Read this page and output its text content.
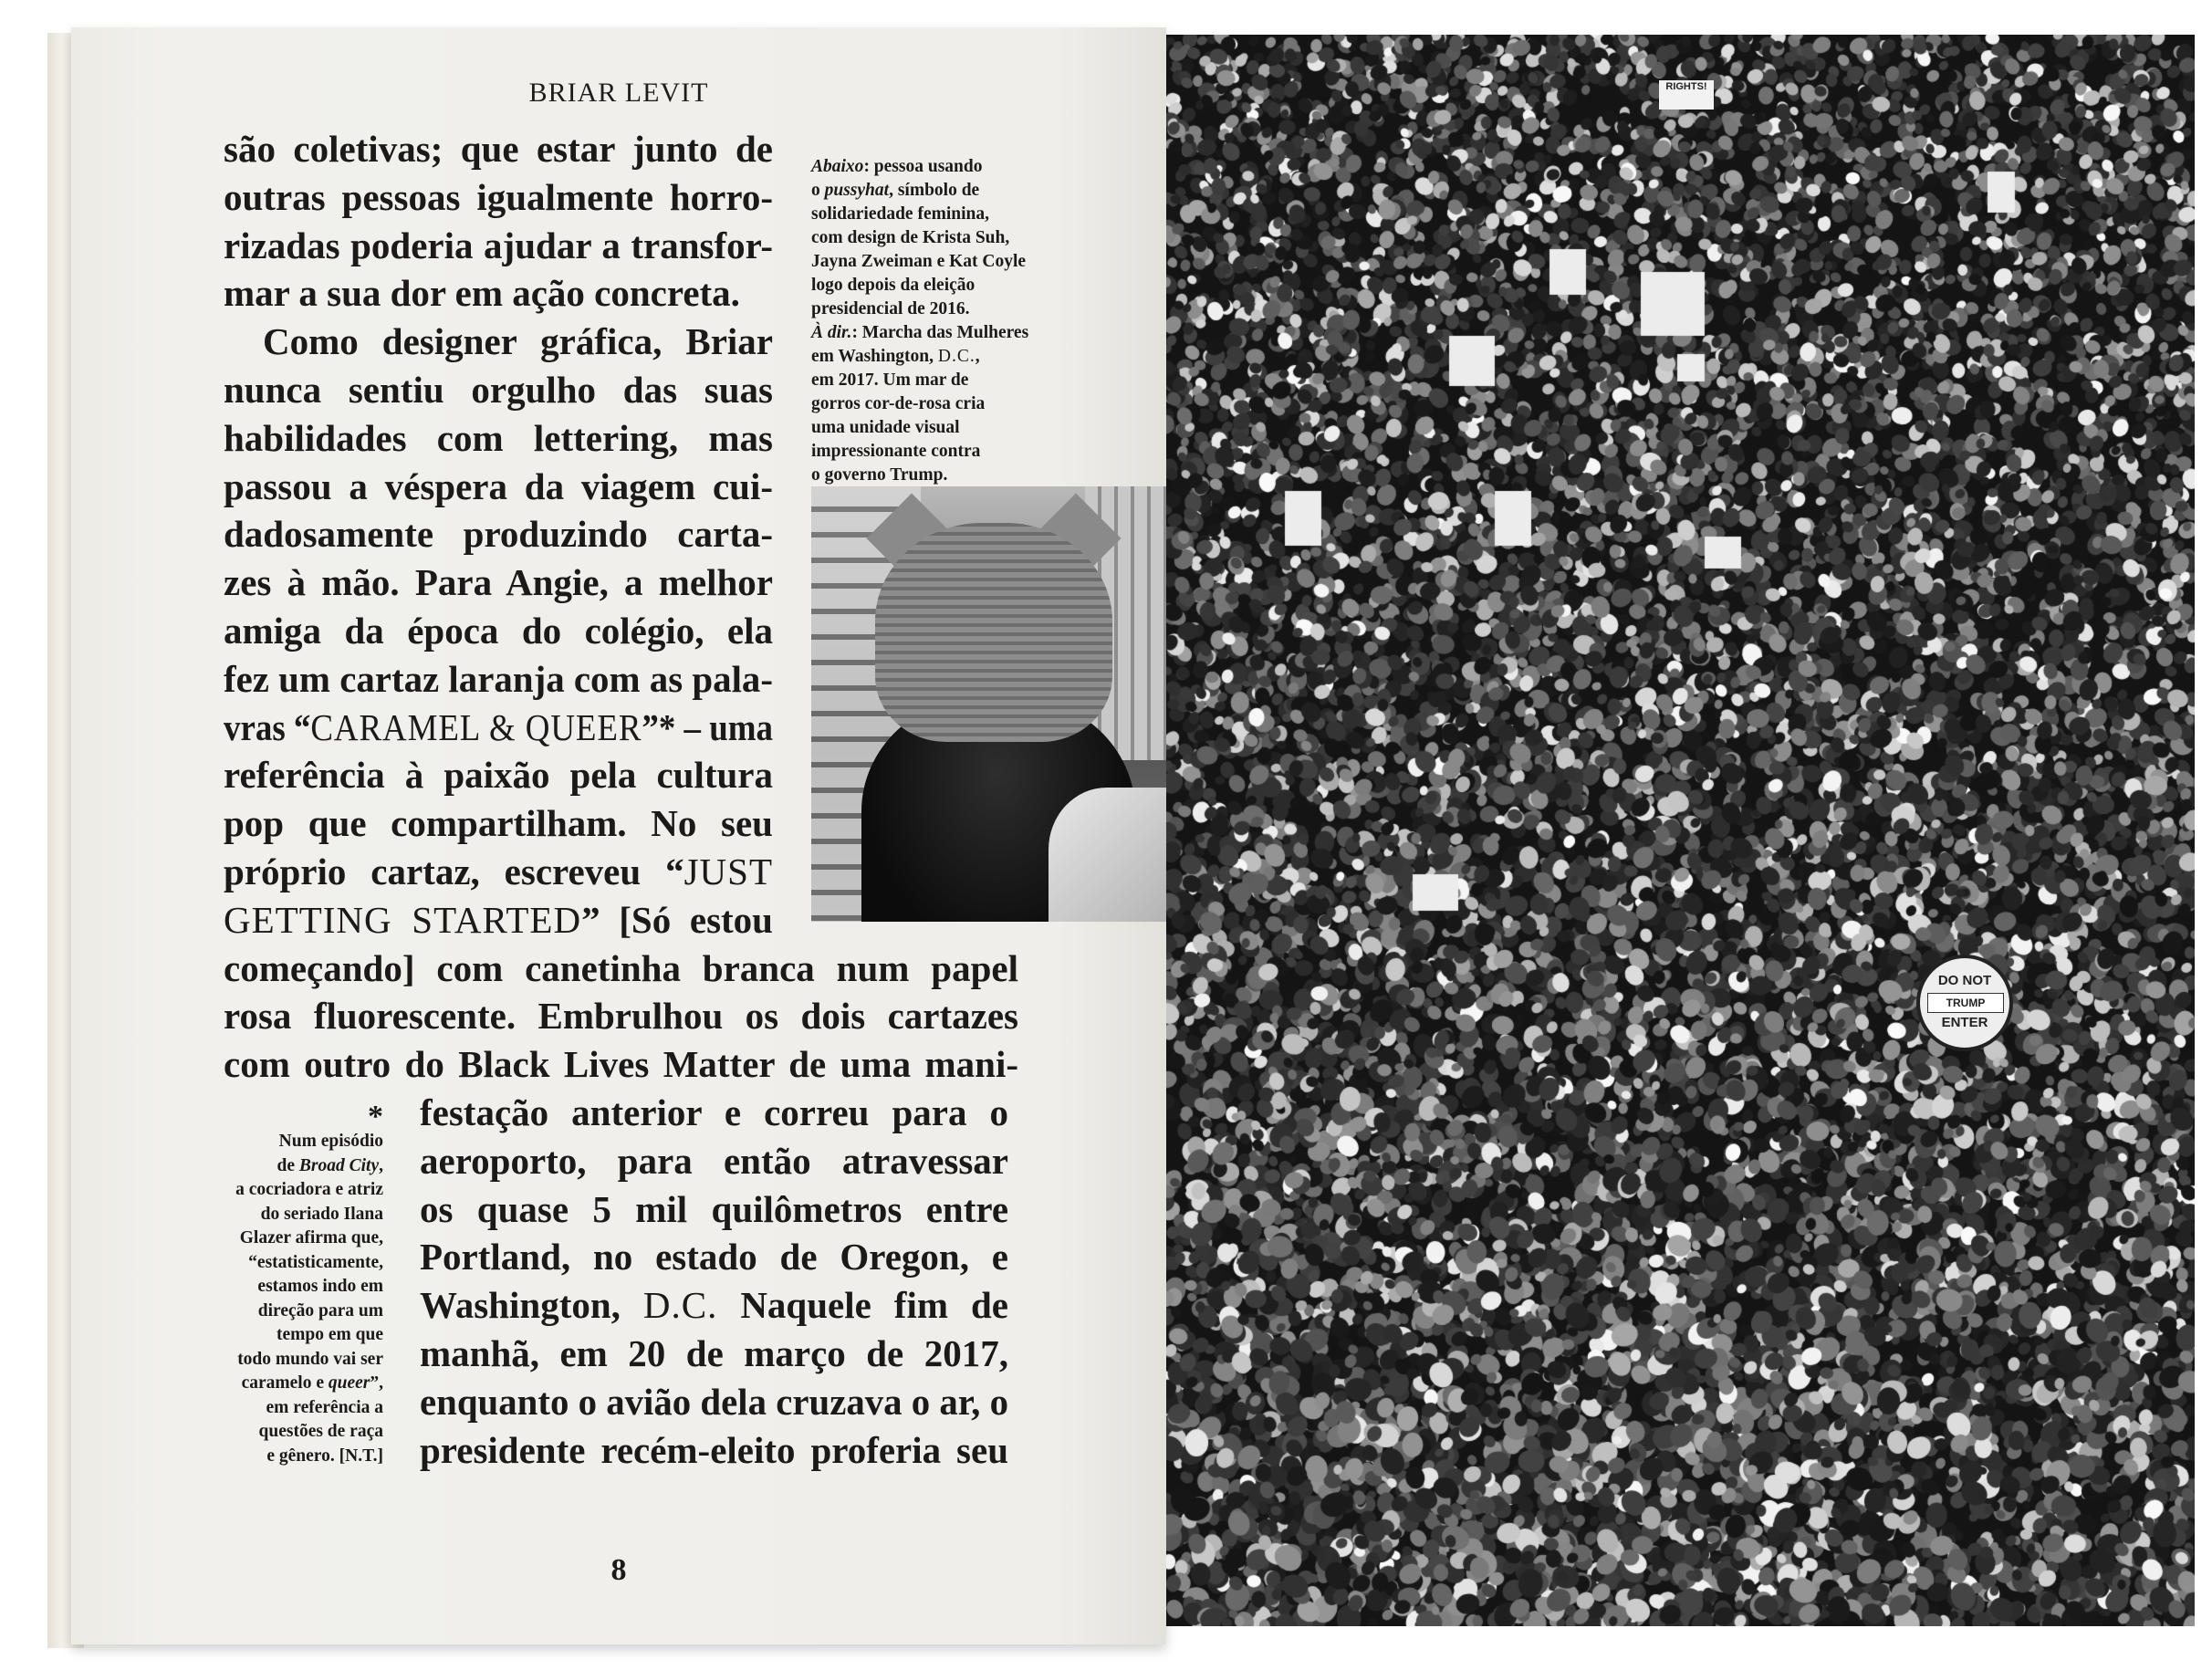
BRIAR LEVIT
são coletivas; que estar junto de
outras pessoas igualmente horro-
rizadas poderia ajudar a transfor-
mar a sua dor em ação concreta.
Como designer gráfica, Briar
nunca sentiu orgulho das suas
habilidades com lettering, mas
passou a véspera da viagem cui-
dadosamente produzindo carta-
zes à mão. Para Angie, a melhor
amiga da época do colégio, ela
fez um cartaz laranja com as pala-
vras “CARAMEL & QUEER”* – uma
referência à paixão pela cultura
pop que compartilham. No seu
próprio cartaz, escreveu “JUST
GETTING STARTED” [Só estou
começando] com canetinha branca num papel
rosa fluorescente. Embrulhou os dois cartazes
com outro do Black Lives Matter de uma mani-
festação anterior e correu para o
aeroporto, para então atravessar
os quase 5 mil quilômetros entre
Portland, no estado de Oregon, e
Washington, D.C. Naquele fim de
manhã, em 20 de março de 2017,
enquanto o avião dela cruzava o ar, o
presidente recém-eleito proferia seu
Abaixo: pessoa usando
o pussyhat, símbolo de
solidariedade feminina,
com design de Krista Suh,
Jayna Zweiman e Kat Coyle
logo depois da eleição
presidencial de 2016.
À dir.: Marcha das Mulheres
em Washington, D.C.,
em 2017. Um mar de
gorros cor-de-rosa cria
uma unidade visual
impressionante contra
o governo Trump.
*
Num episódio
de Broad City,
a cocriadora e atriz
do seriado Ilana
Glazer afirma que,
“estatisticamente,
estamos indo em
direção para um
tempo em que
todo mundo vai ser
caramelo e queer”,
em referência a
questões de raça
e gênero. [N.T.]
8
RIGHTS!
DO NOT
TRUMP
ENTER
